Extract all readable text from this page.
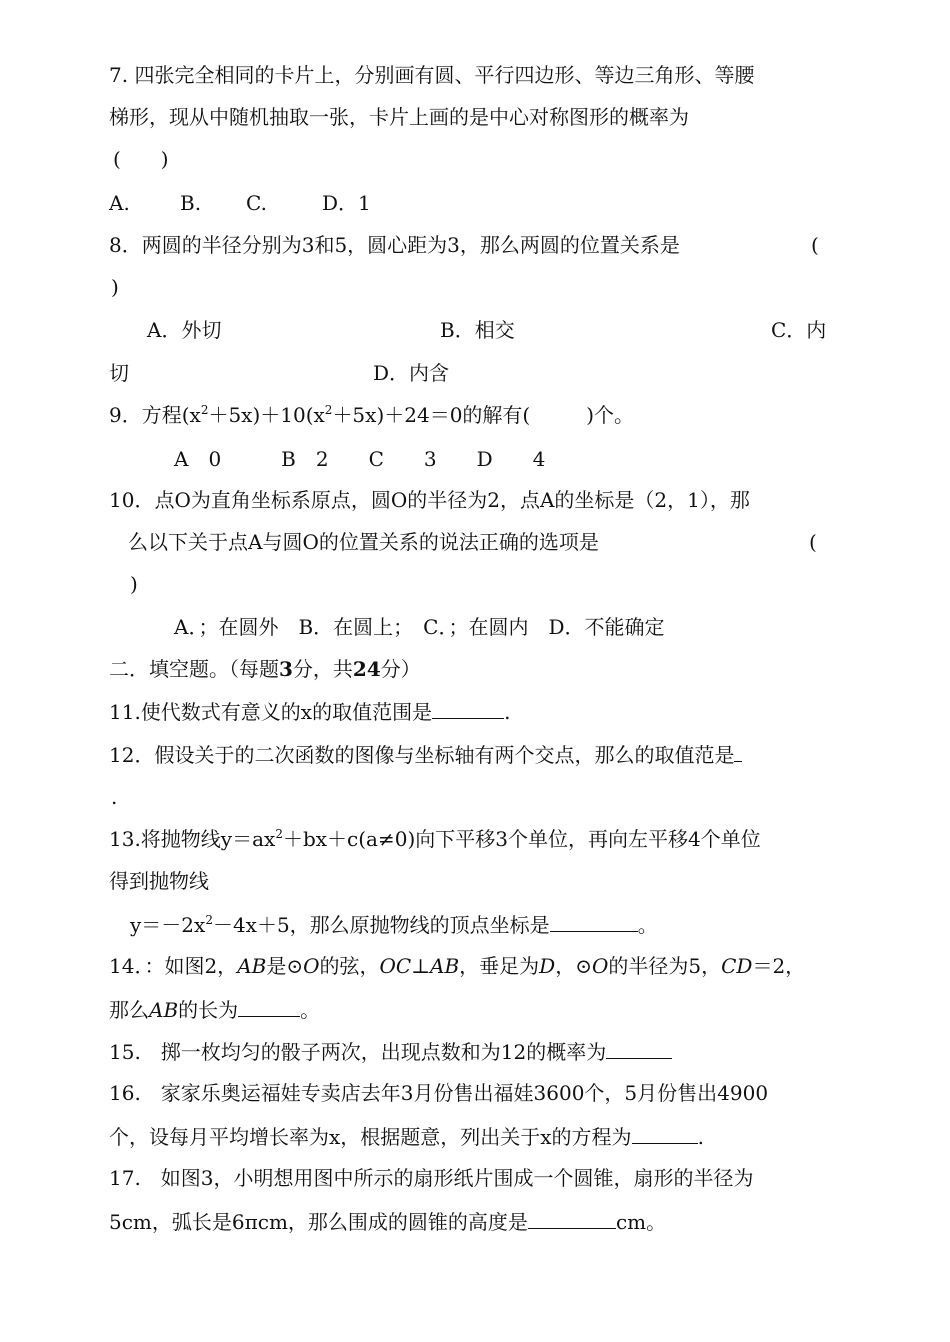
7. 四张完全相同的卡片上，分别画有圆、平行四边形、等边三角形、等腰
梯形，现从中随机抽取一张，卡片上画的是中心对称图形的概率为
(　　)
A.	B. C.	D．1
8．两圆的半径分别为3和5，圆心距为3，那么两圆的位置关系是	(
)
A．外切	B．相交	C．内
切	D．内含
9．方程$(x^2+5x)+10(x^2+5x)+24=0$的解有(	)个。
A　0　　　B　2　　C　　3　　D　　4
10．点O为直角坐标系原点，圆O的半径为2，点A的坐标是（2，1），那
么以下关于点A与圆O的位置关系的说法正确的选项是	(
)
A．；在圆外　B．在圆上；　C．；在圆内　D．不能确定
二．填空题。（每题3分，共24分）
11.使代数式有意义的x的取值范围是	.
12．假设关于的二次函数的图像与坐标轴有两个交点，那么的取值范是
.
13.将抛物线$y=ax^2+bx+c(a\ne 0)$向下平移3个单位，再向左平移4个单位
得到抛物线
$y=-2x^2-4x+5$，那么原抛物线的顶点坐标是	。
14．：如图2，AB是⊙O的弦，OC⊥AB，垂足为D，⊙O的半径为5，CD＝2，
那么AB的长为	。
15.　掷一枚均匀的骰子两次，出现点数和为12的概率为
16.　家家乐奥运福娃专卖店去年3月份售出福娃3600个，5月份售出4900
个，设每月平均增长率为x，根据题意，列出关于x的方程为	.
17.　如图3，小明想用图中所示的扇形纸片围成一个圆锥，扇形的半径为
5cm，弧长是6πcm，那么围成的圆锥的高度是	cm。
